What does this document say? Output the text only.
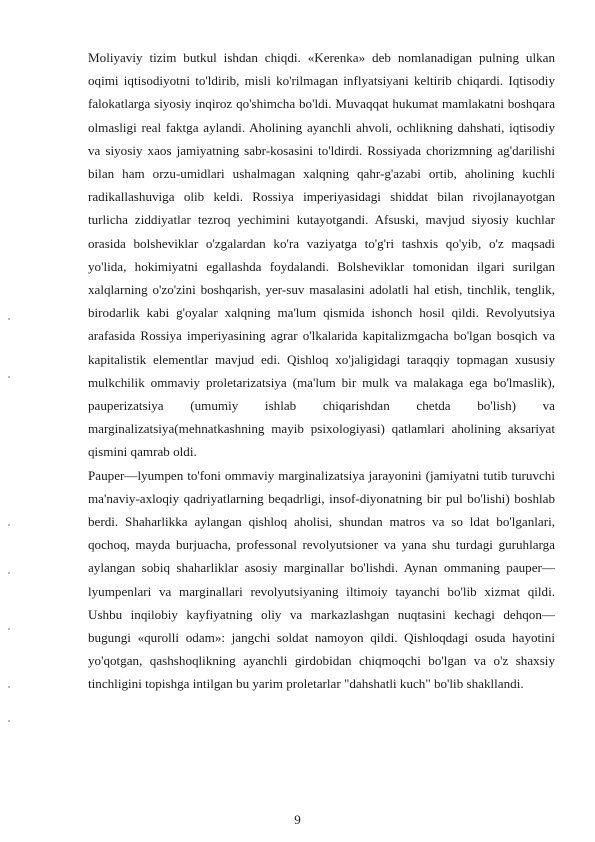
Moliyaviy tizim butkul ishdan chiqdi. «Kerenka» deb nomlanadigan pulning ulkan oqimi iqtisodiyotni to'ldirib, misli ko'rilmagan inflyatsiyani keltirib chiqardi. Iqtisodiy falokatlarga siyosiy inqiroz qo'shimcha bo'ldi. Muvaqqat hukumat mamlakatni boshqara olmasligi real faktga aylandi. Aholining ayanchli ahvoli, ochlikning dahshati, iqtisodiy va siyosiy xaos jamiyatning sabr-kosasini to'ldirdi. Rossiyada chorizmning ag'darilishi bilan ham orzu-umidlari ushalmagan xalqning qahr-g'azabi ortib, aholining kuchli radikallashuviga olib keldi. Rossiya imperiyasidagi shiddat bilan rivojlanayotgan turlicha ziddiyatlar tezroq yechimini kutayotgandi. Afsuski, mavjud siyosiy kuchlar orasida bolsheviklar o'zgalardan ko'ra vaziyatga to'g'ri tashxis qo'yib, o'z maqsadi yo'lida, hokimiyatni egallashda foydalandi. Bolsheviklar tomonidan ilgari surilgan xalqlarning o'zo'zini boshqarish, yer-suv masalasini adolatli hal etish, tinchlik, tenglik, birodarlik kabi g'oyalar xalqning ma'lum qismida ishonch hosil qildi. Revolyutsiya arafasida Rossiya imperiyasining agrar o'lkalarida kapitalizmgacha bo'lgan bosqich va kapitalistik elementlar mavjud edi. Qishloq xo'jaligidagi taraqqiy topmagan xususiy mulkchilik ommaviy proletarizatsiya (ma'lum bir mulk va malakaga ega bo'lmaslik), pauperizatsiya (umumiy ishlab chiqarishdan chetda bo'lish) va marginalizatsiya(mehnatkashning mayib psixologiyasi) qatlamlari aholining aksariyat qismini qamrab oldi.

Pauper—lyumpen to'foni ommaviy marginalizatsiya jarayonini (jamiyatni tutib turuvchi ma'naviy-axloqiy qadriyatlarning beqadrligi, insof-diyonatning bir pul bo'lishi) boshlab berdi. Shaharlikka aylangan qishloq aholisi, shundan matros va so ldat bo'lganlari, qochoq, mayda burjuacha, professonal revolyutsioner va yana shu turdagi guruhlarga aylangan sobiq shaharliklar asosiy marginallar bo'lishdi. Aynan ommaning pauper—lyumpenlari va marginallari revolyutsiyaning iltimoiy tayanchi bo'lib xizmat qildi. Ushbu inqilobiy kayfiyatning oliy va markazlashgan nuqtasini kechagi dehqon—bugungi «qurolli odam»: jangchi soldat namoyon qildi. Qishloqdagi osuda hayotini yo'qotgan, qashshoqlikning ayanchli girdobidan chiqmoqchi bo'lgan va o'z shaxsiy tinchligini topishga intilgan bu yarim proletarlar "dahshatli kuch" bo'lib shakllandi.

9
